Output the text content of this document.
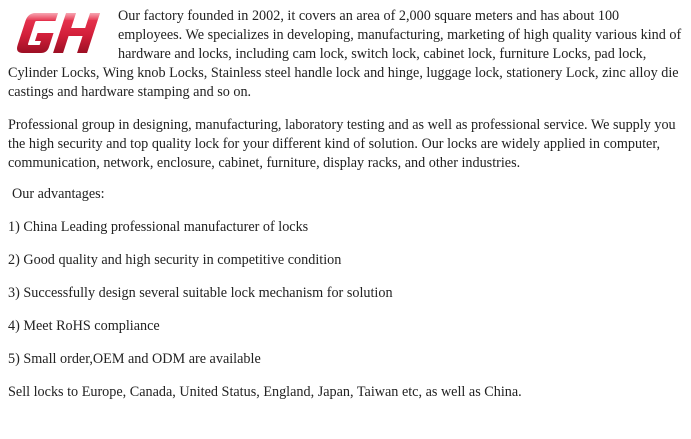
Our factory founded in 2002, it covers an area of 2,000 square meters and has about 100 employees. We specializes in developing, manufacturing, marketing of high quality various kind of hardware and locks, including cam lock, switch lock, cabinet lock, furniture Locks, pad lock, Cylinder Locks, Wing knob Locks, Stainless steel handle lock and hinge, luggage lock, stationery Lock, zinc alloy die castings and hardware stamping and so on.

Professional group in designing, manufacturing, laboratory testing and as well as professional service. We supply you the high security and top quality lock for your different kind of solution. Our locks are widely applied in computer, communication, network, enclosure, cabinet, furniture, display racks, and other industries.

Our advantages:

1) China Leading professional manufacturer of locks

2) Good quality and high security in competitive condition

3) Successfully design several suitable lock mechanism for solution

4) Meet RoHS compliance

5) Small order,OEM and ODM are available

Sell locks to Europe, Canada, United Status, England, Japan, Taiwan etc, as well as China.
